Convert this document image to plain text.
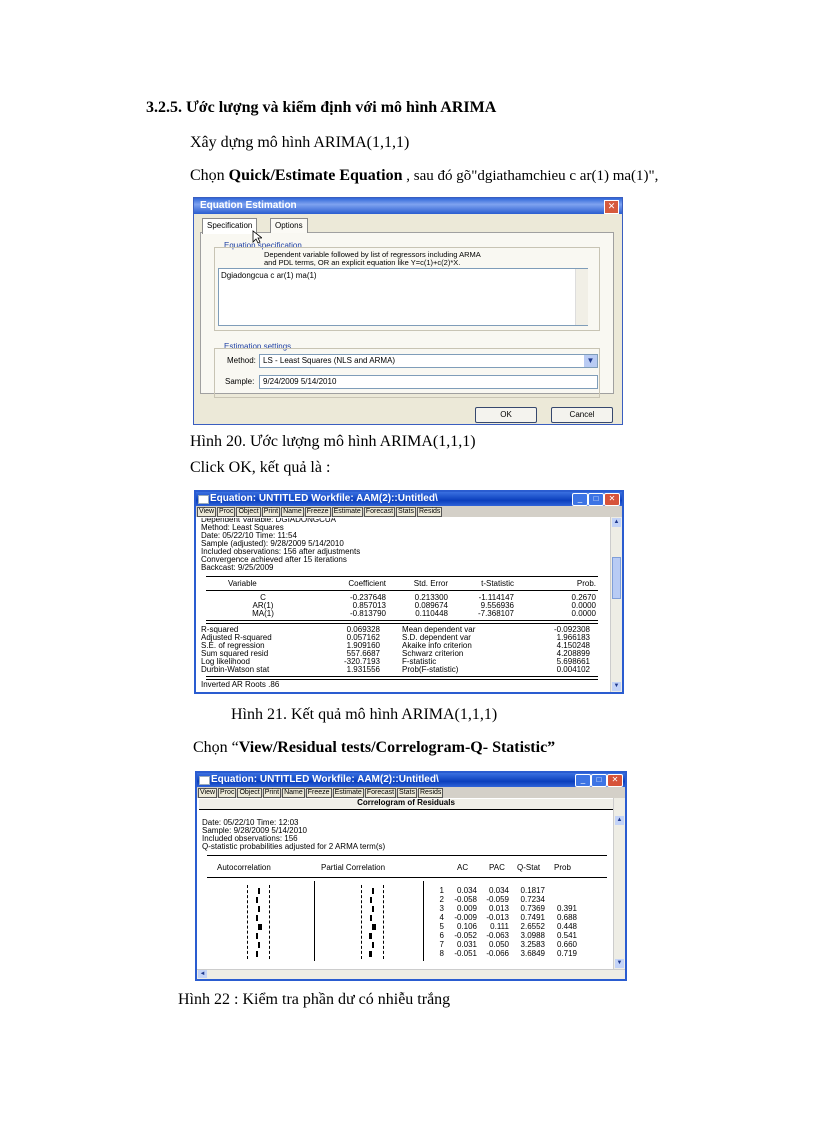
3.2.5. Ước lượng và kiểm định với mô hình ARIMA
Xây dựng mô hình ARIMA(1,1,1)
Chọn Quick/Estimate Equation , sau đó gõ"dgiathamchieu c ar(1) ma(1)",
Equation Estimation	✕
Specification	Options
Equation specification
Dependent variable followed by list of regressors including ARMA
and PDL terms, OR an explicit equation like Y=c(1)+c(2)*X.
Dgiadongcua c ar(1) ma(1)
Estimation settings
Method: LS - Least Squares (NLS and ARMA)	▼
Sample:	9/24/2009 5/14/2010
OK	Cancel
Hình 20. Ước lượng mô hình ARIMA(1,1,1)
Click OK, kết quả là :
Equation: UNTITLED Workfile: AAM(2)::Untitled\	_	□	✕
View Proc Object Print Name Freeze Estimate Forecast Stats Resids
Dependent Variable: DGIADONGCUA
Method: Least Squares
Date: 05/22/10 Time: 11:54
Sample (adjusted): 9/28/2009 5/14/2010
Included observations: 156 after adjustments
Convergence achieved after 15 iterations
Backcast: 9/25/2009
Variable	Coefficient	Std. Error	t-Statistic	Prob.
C	-0.237648	0.213300	-1.114147	0.2670
AR(1)	0.857013	0.089674	9.556936	0.0000
MA(1)	-0.813790	0.110448	-7.368107	0.0000
R-squared	0.069328	Mean dependent var	-0.092308
Adjusted R-squared	0.057162	S.D. dependent var	1.966183
S.E. of regression	1.909160	Akaike info criterion	4.150248
Sum squared resid	557.6687	Schwarz criterion	4.208899
Log likelihood	-320.7193	F-statistic	5.698661
Durbin-Watson stat	1.931556	Prob(F-statistic)	0.004102
Inverted AR Roots .86
▲
▼
Hình 21. Kết quả mô hình ARIMA(1,1,1)
Chọn “View/Residual tests/Correlogram-Q- Statistic”
Equation: UNTITLED Workfile: AAM(2)::Untitled\	_	□	✕
View Proc Object Print Name Freeze Estimate Forecast Stats Resids
Correlogram of Residuals
Date: 05/22/10 Time: 12:03
Sample: 9/28/2009 5/14/2010
Included observations: 156
Q-statistic probabilities adjusted for 2 ARMA term(s)
Autocorrelation	Partial Correlation	AC	PAC Q-Stat Prob
1	0.034	0.034	0.1817
2	-0.058	-0.059	0.7234
3	0.009	0.013	0.7369	0.391
4	-0.009	-0.013	0.7491	0.688
5	0.106	0.111	2.6552	0.448
6	-0.052	-0.063	3.0988	0.541
7	0.031	0.050	3.2583	0.660
8	-0.051	-0.066	3.6849	0.719
▲
▼
◄
Hình 22 : Kiểm tra phần dư có nhiễu trắng
